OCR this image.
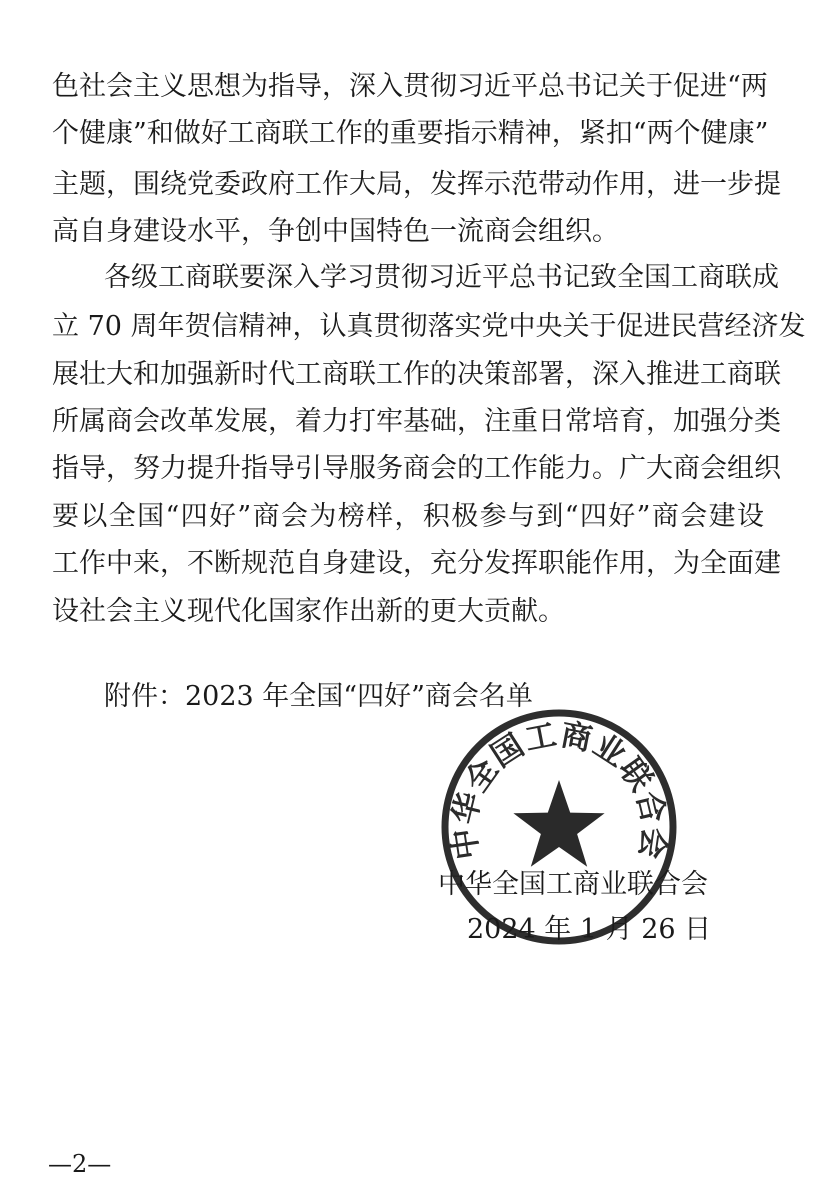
色社会主义思想为指导，深入贯彻习近平总书记关于促进“两
个健康”和做好工商联工作的重要指示精神，紧扣“两个健康”
主题，围绕党委政府工作大局，发挥示范带动作用，进一步提
高自身建设水平，争创中国特色一流商会组织。
各级工商联要深入学习贯彻习近平总书记致全国工商联成
立 70 周年贺信精神，认真贯彻落实党中央关于促进民营经济发
展壮大和加强新时代工商联工作的决策部署，深入推进工商联
所属商会改革发展，着力打牢基础，注重日常培育，加强分类
指导，努力提升指导引导服务商会的工作能力。广大商会组织
要以全国“四好”商会为榜样，积极参与到“四好”商会建设
工作中来，不断规范自身建设，充分发挥职能作用，为全面建
设社会主义现代化国家作出新的更大贡献。
附件：2023 年全国“四好”商会名单
中华全国工商业联合会
中华全国工商业联合会
2024 年 1 月 26 日
—2—
